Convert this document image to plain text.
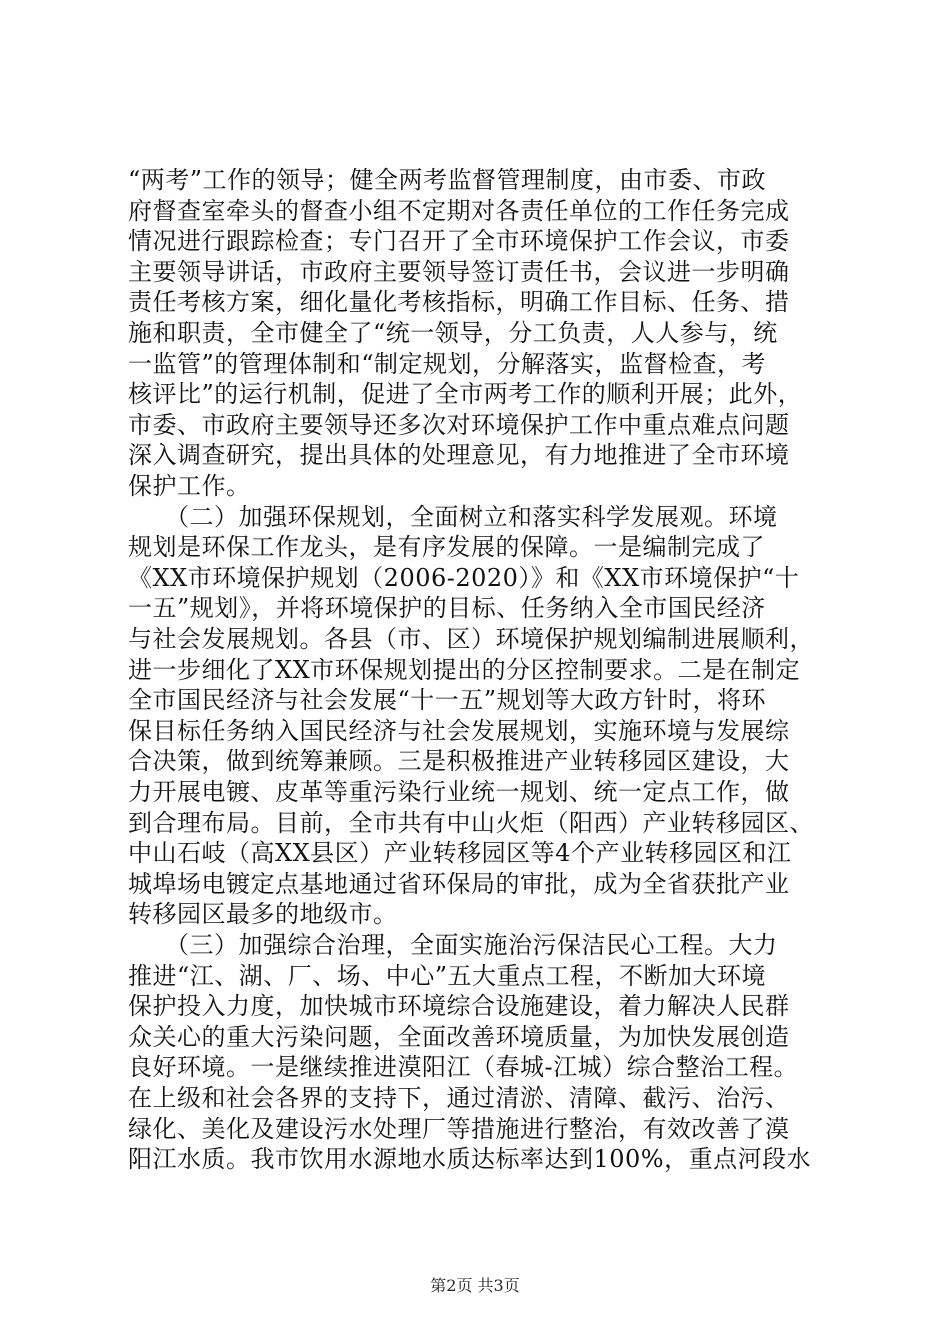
“两考”工作的领导；健全两考监督管理制度，由市委、市政
府督查室牵头的督查小组不定期对各责任单位的工作任务完成
情况进行跟踪检查；专门召开了全市环境保护工作会议，市委
主要领导讲话，市政府主要领导签订责任书，会议进一步明确
责任考核方案，细化量化考核指标，明确工作目标、任务、措
施和职责，全市健全了“统一领导，分工负责，人人参与，统
一监管”的管理体制和“制定规划，分解落实，监督检查，考
核评比”的运行机制，促进了全市两考工作的顺利开展；此外，
市委、市政府主要领导还多次对环境保护工作中重点难点问题
深入调查研究，提出具体的处理意见，有力地推进了全市环境
保护工作。
　　（二）加强环保规划，全面树立和落实科学发展观。环境
规划是环保工作龙头，是有序发展的保障。一是编制完成了
《XX市环境保护规划（2006-2020）》和《XX市环境保护“十
一五”规划》，并将环境保护的目标、任务纳入全市国民经济
与社会发展规划。各县（市、区）环境保护规划编制进展顺利，
进一步细化了XX市环保规划提出的分区控制要求。二是在制定
全市国民经济与社会发展“十一五”规划等大政方针时，将环
保目标任务纳入国民经济与社会发展规划，实施环境与发展综
合决策，做到统筹兼顾。三是积极推进产业转移园区建设，大
力开展电镀、皮革等重污染行业统一规划、统一定点工作，做
到合理布局。目前，全市共有中山火炬（阳西）产业转移园区、
中山石岐（高XX县区）产业转移园区等4个产业转移园区和江
城埠场电镀定点基地通过省环保局的审批，成为全省获批产业
转移园区最多的地级市。
　　（三）加强综合治理，全面实施治污保洁民心工程。大力
推进“江、湖、厂、场、中心”五大重点工程，不断加大环境
保护投入力度，加快城市环境综合设施建设，着力解决人民群
众关心的重大污染问题，全面改善环境质量，为加快发展创造
良好环境。一是继续推进漠阳江（春城-江城）综合整治工程。
在上级和社会各界的支持下，通过清淤、清障、截污、治污、
绿化、美化及建设污水处理厂等措施进行整治，有效改善了漠
阳江水质。我市饮用水源地水质达标率达到100%，重点河段水
第2页 共3页
